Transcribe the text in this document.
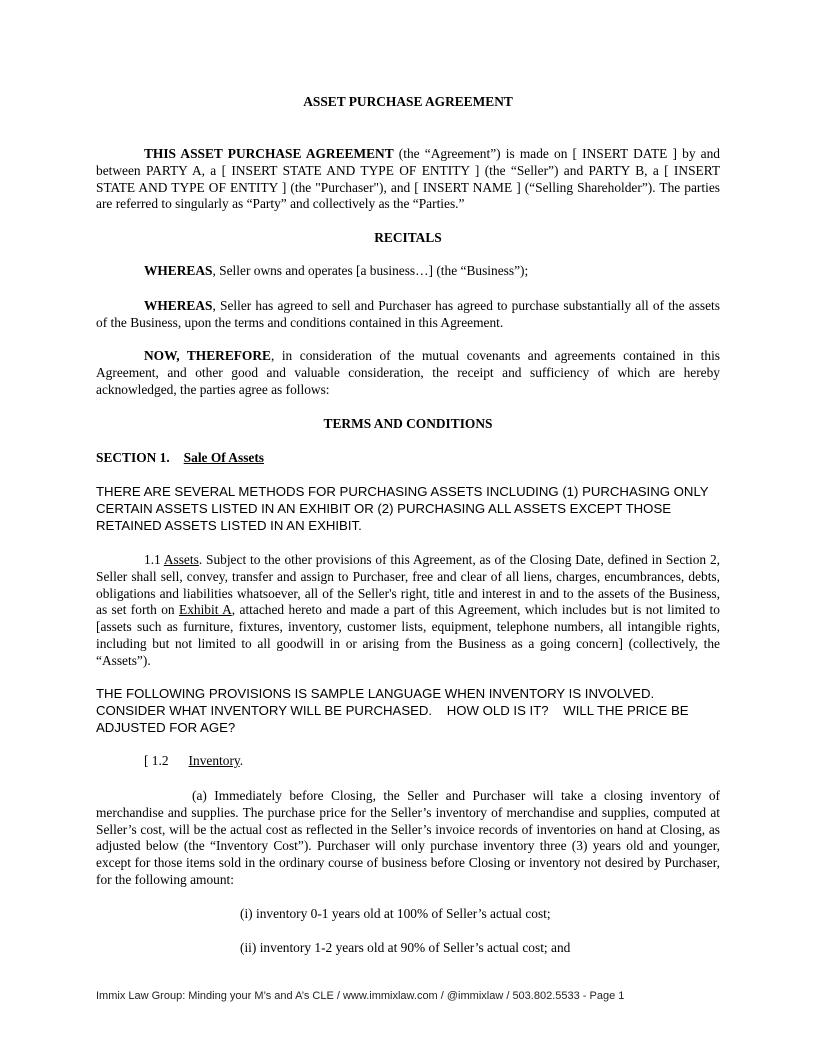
ASSET PURCHASE AGREEMENT

THIS ASSET PURCHASE AGREEMENT (the “Agreement”) is made on [ INSERT DATE ] by and between PARTY A, a [ INSERT STATE AND TYPE OF ENTITY ] (the “Seller”) and PARTY B, a [ INSERT STATE AND TYPE OF ENTITY ] (the "Purchaser"), and [ INSERT NAME ] (“Selling Shareholder”). The parties are referred to singularly as “Party” and collectively as the “Parties.”

RECITALS

WHEREAS, Seller owns and operates [a business…] (the “Business”);

WHEREAS, Seller has agreed to sell and Purchaser has agreed to purchase substantially all of the assets of the Business, upon the terms and conditions contained in this Agreement.

NOW, THEREFORE, in consideration of the mutual covenants and agreements contained in this Agreement, and other good and valuable consideration, the receipt and sufficiency of which are hereby acknowledged, the parties agree as follows:

TERMS AND CONDITIONS

SECTION 1. Sale Of Assets

THERE ARE SEVERAL METHODS FOR PURCHASING ASSETS INCLUDING (1) PURCHASING ONLY CERTAIN ASSETS LISTED IN AN EXHIBIT OR (2) PURCHASING ALL ASSETS EXCEPT THOSE RETAINED ASSETS LISTED IN AN EXHIBIT.

1.1 Assets. Subject to the other provisions of this Agreement, as of the Closing Date, defined in Section 2, Seller shall sell, convey, transfer and assign to Purchaser, free and clear of all liens, charges, encumbrances, debts, obligations and liabilities whatsoever, all of the Seller's right, title and interest in and to the assets of the Business, as set forth on Exhibit A, attached hereto and made a part of this Agreement, which includes but is not limited to [assets such as furniture, fixtures, inventory, customer lists, equipment, telephone numbers, all intangible rights, including but not limited to all goodwill in or arising from the Business as a going concern] (collectively, the “Assets”).

THE FOLLOWING PROVISIONS IS SAMPLE LANGUAGE WHEN INVENTORY IS INVOLVED. CONSIDER WHAT INVENTORY WILL BE PURCHASED.    HOW OLD IS IT?    WILL THE PRICE BE ADJUSTED FOR AGE?

[ 1.2 Inventory.

(a) Immediately before Closing, the Seller and Purchaser will take a closing inventory of merchandise and supplies. The purchase price for the Seller’s inventory of merchandise and supplies, computed at Seller’s cost, will be the actual cost as reflected in the Seller’s invoice records of inventories on hand at Closing, as adjusted below (the “Inventory Cost”). Purchaser will only purchase inventory three (3) years old and younger, except for those items sold in the ordinary course of business before Closing or inventory not desired by Purchaser, for the following amount:

(i) inventory 0-1 years old at 100% of Seller’s actual cost;

(ii) inventory 1-2 years old at 90% of Seller’s actual cost; and

Immix Law Group: Minding your M’s and A’s CLE / www.immixlaw.com / @immixlaw / 503.802.5533 - Page 1
